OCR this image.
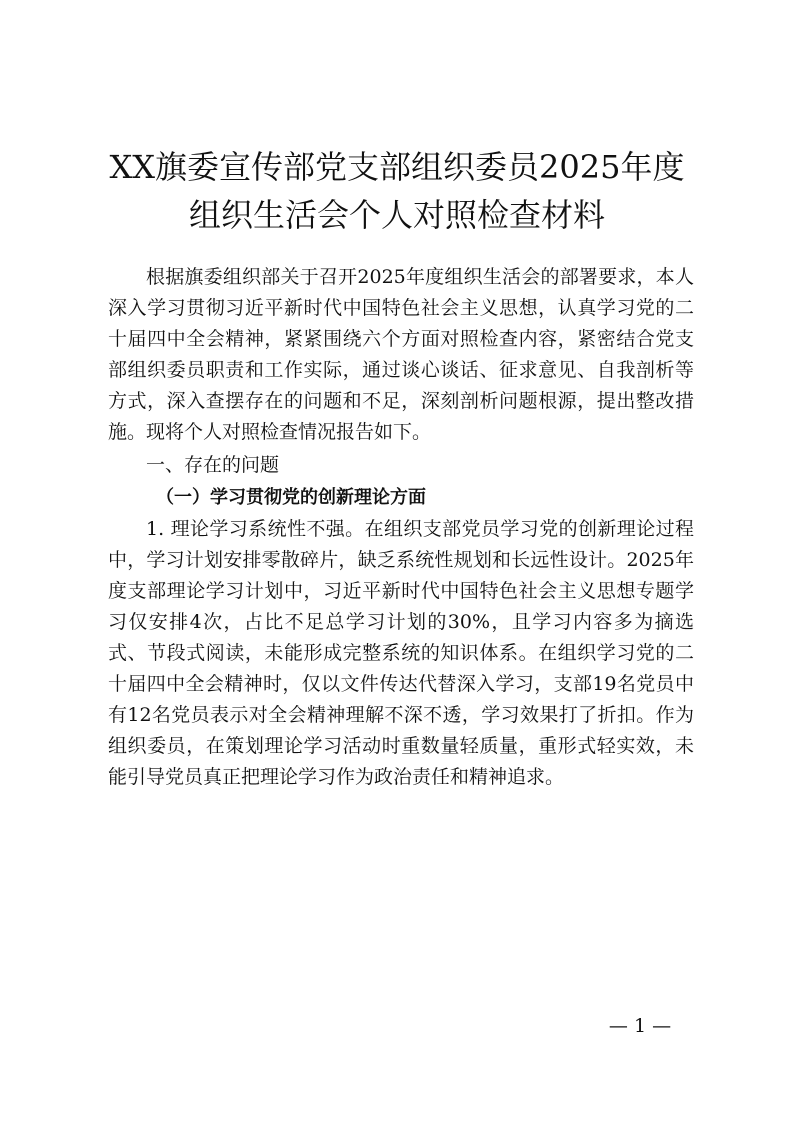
XX旗委宣传部党支部组织委员2025年度组织生活会个人对照检查材料

根据旗委组织部关于召开2025年度组织生活会的部署要求，本人深入学习贯彻习近平新时代中国特色社会主义思想，认真学习党的二十届四中全会精神，紧紧围绕六个方面对照检查内容，紧密结合党支部组织委员职责和工作实际，通过谈心谈话、征求意见、自我剖析等方式，深入查摆存在的问题和不足，深刻剖析问题根源，提出整改措施。现将个人对照检查情况报告如下。

一、存在的问题

（一）学习贯彻党的创新理论方面

1. 理论学习系统性不强。在组织支部党员学习党的创新理论过程中，学习计划安排零散碎片，缺乏系统性规划和长远性设计。2025年度支部理论学习计划中，习近平新时代中国特色社会主义思想专题学习仅安排4次，占比不足总学习计划的30%，且学习内容多为摘选式、节段式阅读，未能形成完整系统的知识体系。在组织学习党的二十届四中全会精神时，仅以文件传达代替深入学习，支部19名党员中有12名党员表示对全会精神理解不深不透，学习效果打了折扣。作为组织委员，在策划理论学习活动时重数量轻质量，重形式轻实效，未能引导党员真正把理论学习作为政治责任和精神追求。

— 1 —
